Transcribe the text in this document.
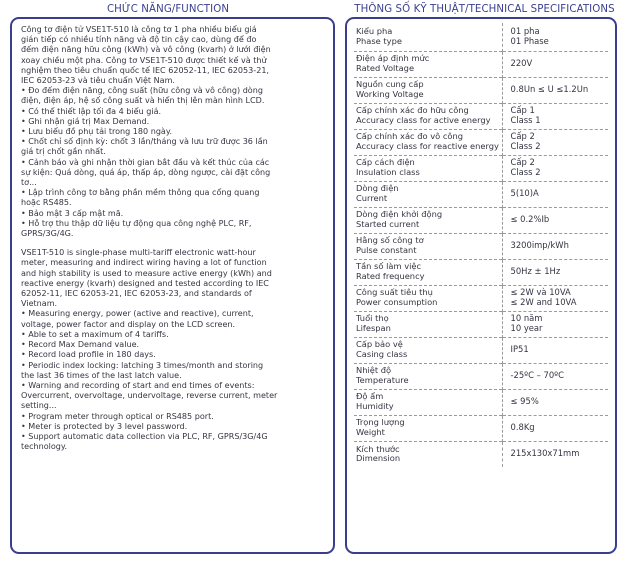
CHỨC NĂNG/FUNCTION	THÔNG SỐ KỸ THUẬT/TECHNICAL SPECIFICATIONS
Công tơ điện tử VSE1T-510 là công tơ 1 pha nhiều biểu giá
gián tiếp có nhiều tính năng và độ tin cậy cao, dùng để đo
đếm điện năng hữu công (kWh) và vô công (kvarh) ở lưới điện
xoay chiều một pha. Công tơ VSE1T-510 được thiết kế và thử
nghiệm theo tiêu chuẩn quốc tế IEC 62052-11, IEC 62053-21,
IEC 62053-23 và tiêu chuẩn Việt Nam.
• Đo đếm điện năng, công suất (hữu công và vô công) dòng
điện, điện áp, hệ số công suất và hiển thị lên màn hình LCD.
• Có thể thiết lập tối đa 4 biểu giá.
• Ghi nhận giá trị Max Demand.
• Lưu biểu đồ phụ tải trong 180 ngày.
• Chốt chỉ số định kỳ: chốt 3 lần/tháng và lưu trữ được 36 lần
giá trị chốt gần nhất.
• Cảnh báo và ghi nhận thời gian bắt đầu và kết thúc của các
sự kiện: Quá dòng, quá áp, thấp áp, dòng ngược, cài đặt công
tơ...
• Lập trình công tơ bằng phần mềm thông qua cổng quang
hoặc RS485.
• Bảo mật 3 cấp mật mã.
• Hỗ trợ thu thập dữ liệu tự động qua công nghệ PLC, RF,
GPRS/3G/4G.
VSE1T-510 is single-phase multi-tariff electronic watt-hour
meter, measuring and indirect wiring having a lot of function
and high stability is used to measure active energy (kWh) and
reactive energy (kvarh) designed and tested according to IEC
62052-11, IEC 62053-21, IEC 62053-23, and standards of
Vietnam.
• Measuring energy, power (active and reactive), current,
voltage, power factor and display on the LCD screen.
• Able to set a maximum of 4 tariffs.
• Record Max Demand value.
• Record load profile in 180 days.
• Periodic index locking: latching 3 times/month and storing
the last 36 times of the last latch value.
• Warning and recording of start and end times of events:
Overcurrent, overvoltage, undervoltage, reverse current, meter
setting...
• Program meter through optical or RS485 port.
• Meter is protected by 3 level password.
• Support automatic data collection via PLC, RF, GPRS/3G/4G
technology.
Kiểu pha
Phase type	01 pha
01 Phase

Điện áp định mức
Rated Voltage	220V

Nguồn cung cấp
Working Voltage	0.8Un ≤ U ≤1.2Un

Cấp chính xác đo hữu công
Accuracy class for active energy	Cấp 1
Class 1

Cấp chính xác đo vô công
Accuracy class for reactive energy	Cấp 2
Class 2

Cấp cách điện
Insulation class	Cấp 2
Class 2

Dòng điện
Current	5(10)A

Dòng điện khởi động
Started current	≤ 0.2%Ib

Hằng số công tơ
Pulse constant	3200imp/kWh

Tần số làm việc
Rated frequency	50Hz ± 1Hz

Công suất tiêu thụ
Power consumption	≤ 2W và 10VA
≤ 2W and 10VA

Tuổi thọ
Lifespan	10 năm
10 year

Cấp bảo vệ
Casing class	IP51

Nhiệt độ
Temperature	-25ºC – 70ºC

Độ ẩm
Humidity	≤ 95%

Trọng lượng
Weight	0.8Kg

Kích thước
Dimension	215x130x71mm
